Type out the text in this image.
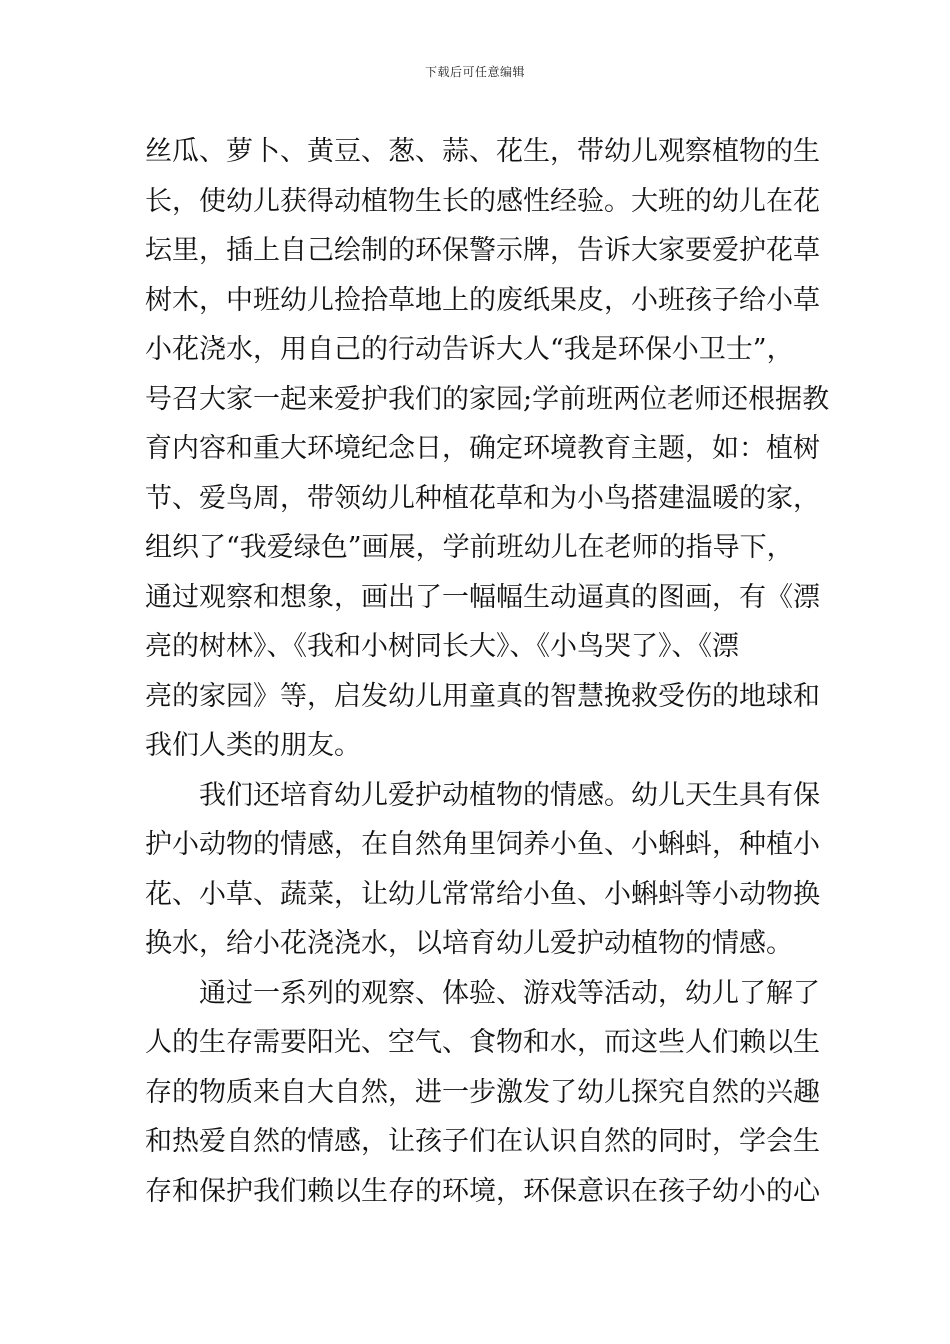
下载后可任意编辑
丝瓜、萝卜、黄豆、葱、蒜、花生，带幼儿观察植物的生
长，使幼儿获得动植物生长的感性经验。大班的幼儿在花
坛里，插上自己绘制的环保警示牌，告诉大家要爱护花草
树木，中班幼儿捡拾草地上的废纸果皮，小班孩子给小草
小花浇水，用自己的行动告诉大人“我是环保小卫士”，
号召大家一起来爱护我们的家园;学前班两位老师还根据教
育内容和重大环境纪念日，确定环境教育主题，如：植树
节、爱鸟周，带领幼儿种植花草和为小鸟搭建温暖的家，
组织了“我爱绿色”画展，学前班幼儿在老师的指导下，
通过观察和想象，画出了一幅幅生动逼真的图画，有《漂
亮的树林》、《我和小树同长大》、《小鸟哭了》、《漂
亮的家园》等，启发幼儿用童真的智慧挽救受伤的地球和
我们人类的朋友。
我们还培育幼儿爱护动植物的情感。幼儿天生具有保
护小动物的情感，在自然角里饲养小鱼、小蝌蚪，种植小
花、小草、蔬菜，让幼儿常常给小鱼、小蝌蚪等小动物换
换水，给小花浇浇水，以培育幼儿爱护动植物的情感。
通过一系列的观察、体验、游戏等活动，幼儿了解了
人的生存需要阳光、空气、食物和水，而这些人们赖以生
存的物质来自大自然，进一步激发了幼儿探究自然的兴趣
和热爱自然的情感，让孩子们在认识自然的同时，学会生
存和保护我们赖以生存的环境，环保意识在孩子幼小的心
